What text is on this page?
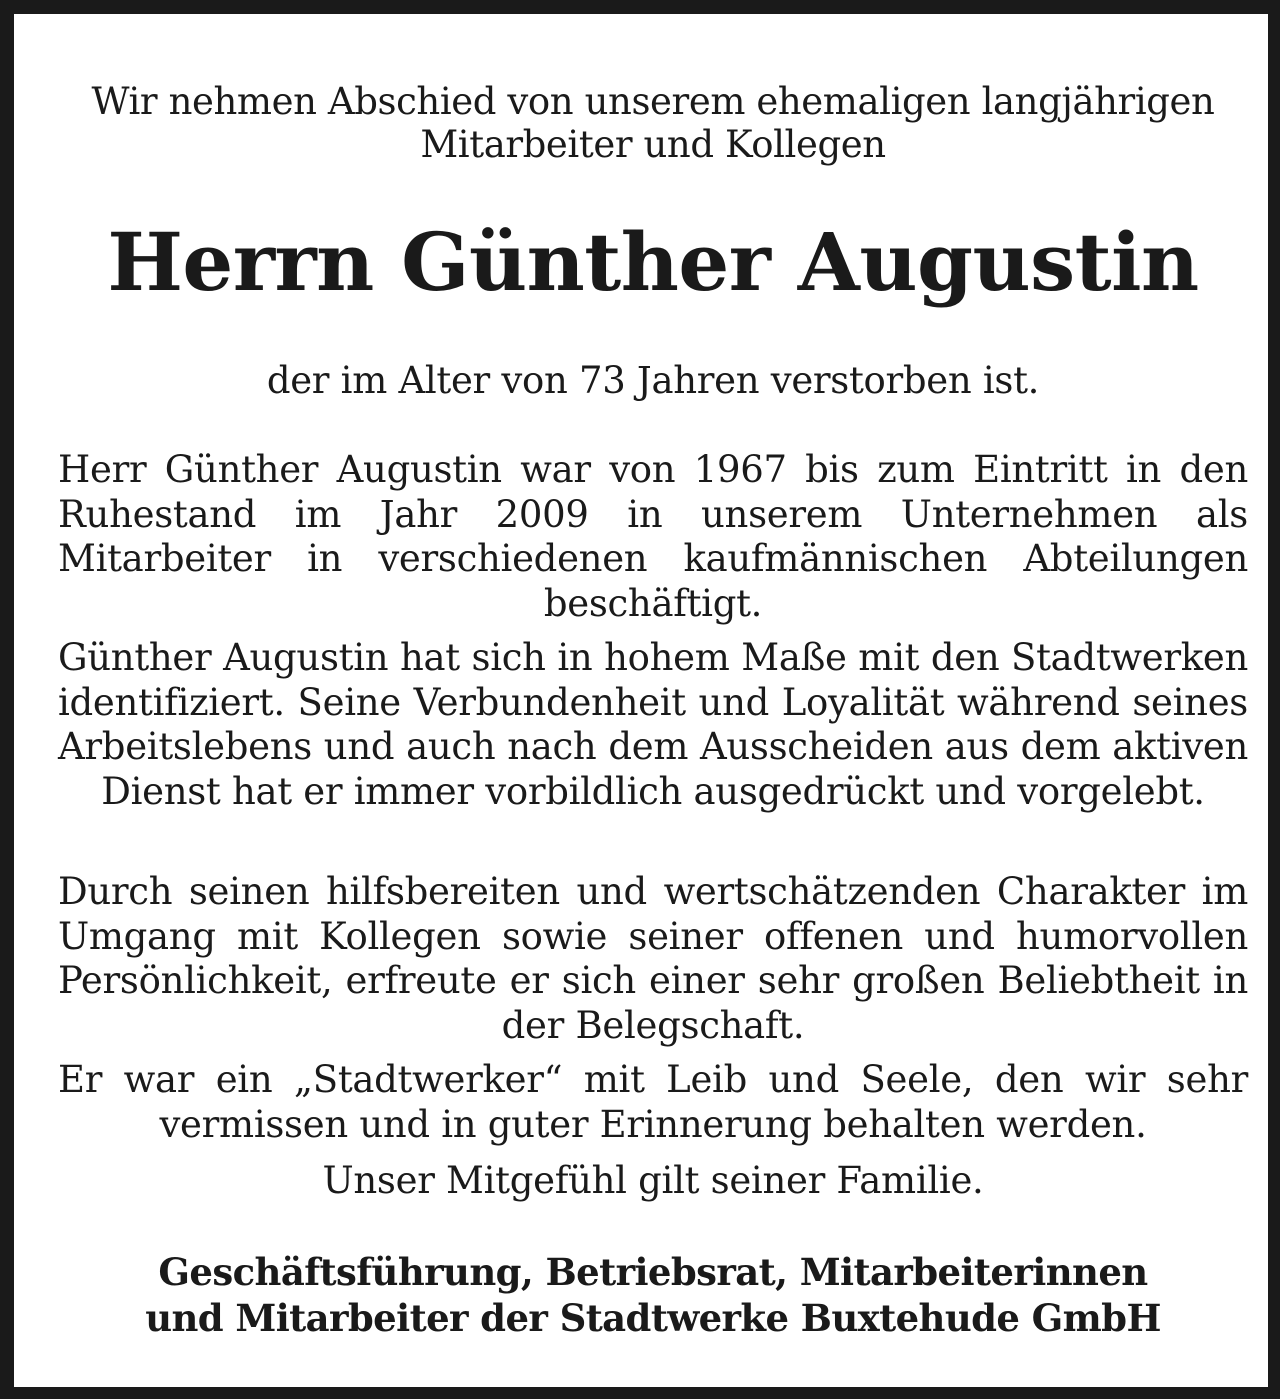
Wir nehmen Abschied von unserem ehemaligen langjährigen
Mitarbeiter und Kollegen

Herrn Günther Augustin

der im Alter von 73 Jahren verstorben ist.

Herr Günther Augustin war von 1967 bis zum Eintritt in den Ruhestand im Jahr 2009 in unserem Unternehmen als Mitarbeiter in verschiedenen kaufmännischen Abteilungen beschäftigt.

Günther Augustin hat sich in hohem Maße mit den Stadtwerken identifiziert. Seine Verbundenheit und Loyalität während seines Arbeitslebens und auch nach dem Ausscheiden aus dem aktiven Dienst hat er immer vorbildlich ausgedrückt und vorgelebt.

Durch seinen hilfsbereiten und wertschätzenden Charakter im Umgang mit Kollegen sowie seiner offenen und humorvollen Persönlichkeit, erfreute er sich einer sehr großen Beliebtheit in der Belegschaft.

Er war ein „Stadtwerker“ mit Leib und Seele, den wir sehr vermissen und in guter Erinnerung behalten werden.

Unser Mitgefühl gilt seiner Familie.

Geschäftsführung, Betriebsrat, Mitarbeiterinnen
und Mitarbeiter der Stadtwerke Buxtehude GmbH
